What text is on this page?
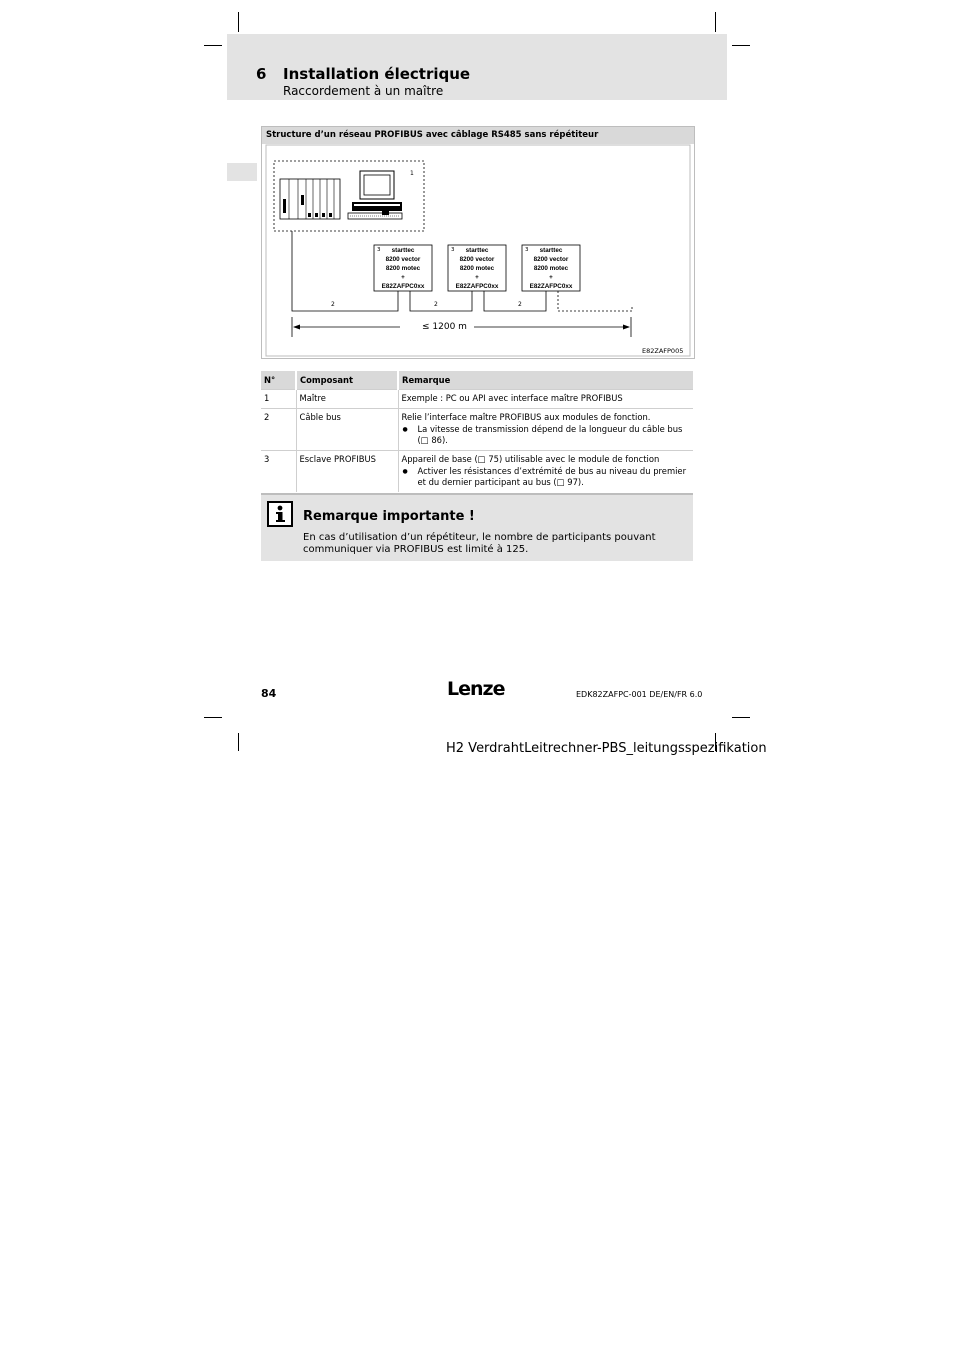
6 Installation électrique
Raccordement à un maître
Structure d’un réseau PROFIBUS avec câblage RS485 sans répétiteur
1
3 starttec
8200 vector
8200 motec
+
E82ZAFPC0xx
3 starttec
8200 vector
8200 motec
+
E82ZAFPC0xx
3 starttec
8200 vector
8200 motec
+
E82ZAFPC0xx
2	2	2
≤ 1200 m
E82ZAFP005
N°	Composant	Remarque
1	Maître	Exemple : PC ou API avec interface maître PROFIBUS

2	Câble bus	Relie l’interface maître PROFIBUS aux modules de fonction.
● La vitesse de transmission dépend de la longueur du câble bus (□ 86).

3	Esclave PROFIBUS	Appareil de base (□ 75) utilisable avec le module de fonction
● Activer les résistances d’extrémité de bus au niveau du premier et du dernier participant au bus (□ 97).
Remarque importante !
En cas d’utilisation d’un répétiteur, le nombre de participants pouvant communiquer via PROFIBUS est limité à 125.
84	Lenze	EDK82ZAFPC-001 DE/EN/FR 6.0
H2 VerdrahtLeitrechner-PBS_leitungsspezifikation
